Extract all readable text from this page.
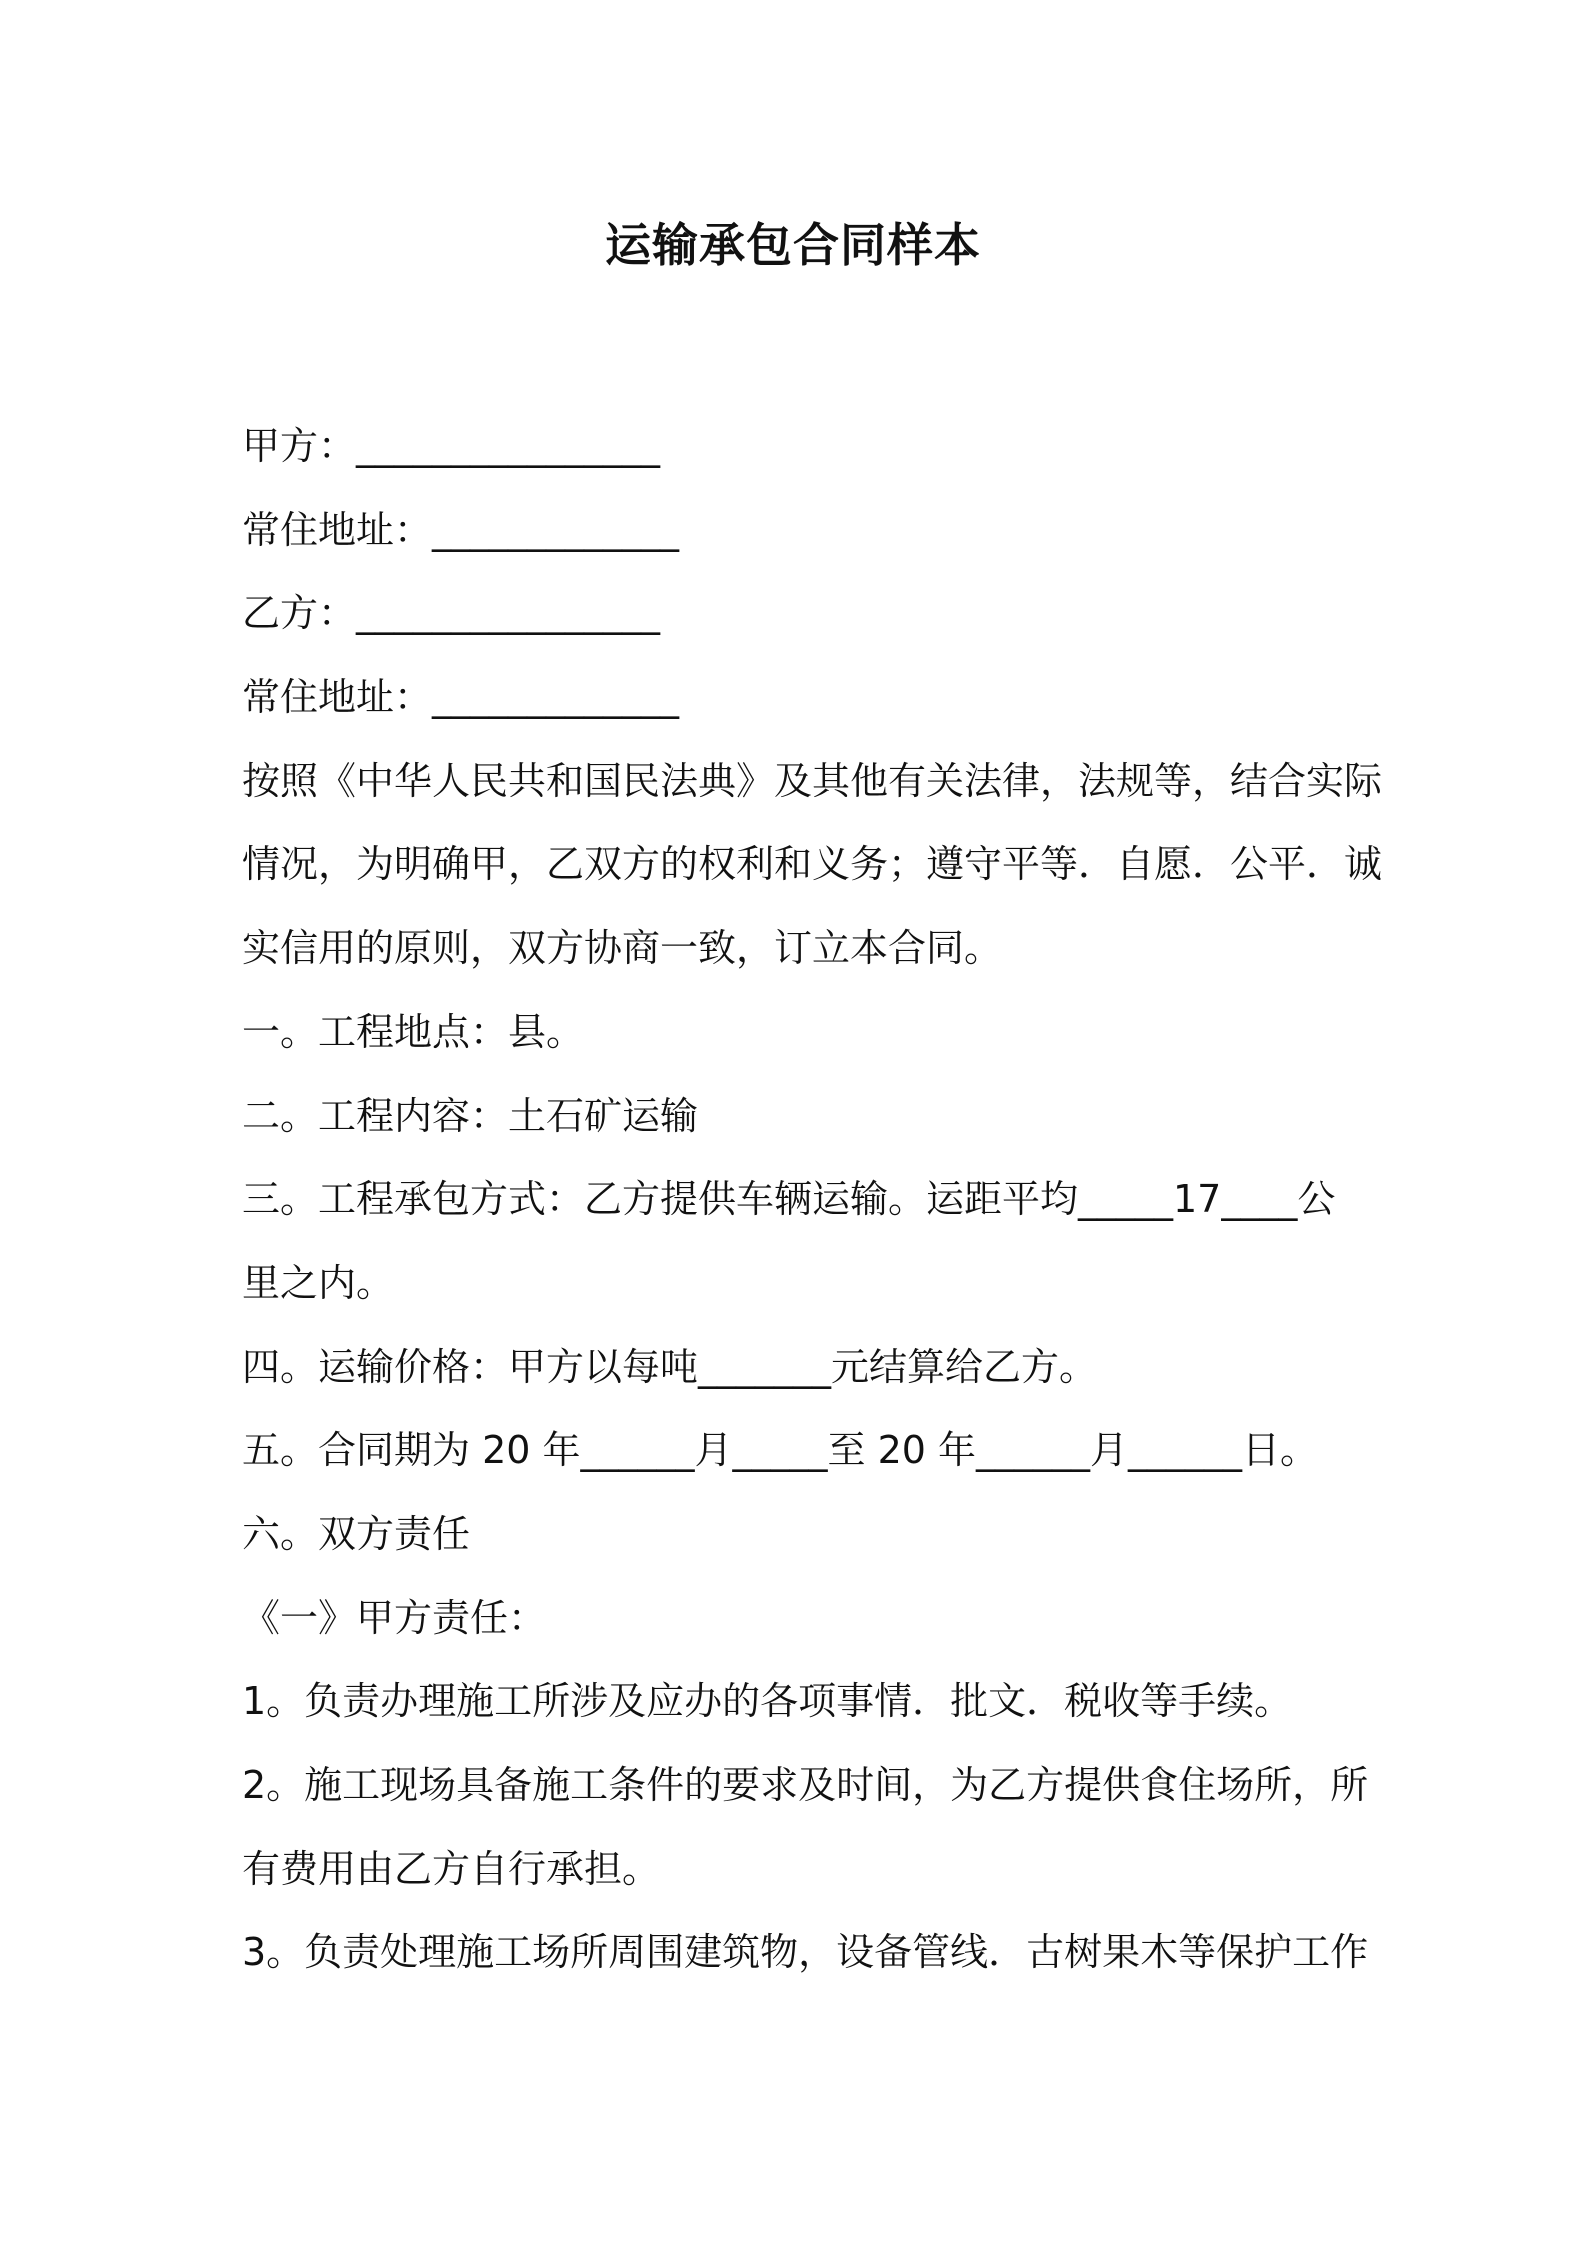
运输承包合同样本
甲方：________________
常住地址：_____________
乙方：________________
常住地址：_____________
按照《中华人民共和国民法典》及其他有关法律，法规等，结合实际
情况，为明确甲，乙双方的权利和义务；遵守平等．自愿．公平．诚
实信用的原则，双方协商一致，订立本合同。
一。工程地点：县。
二。工程内容：土石矿运输
三。工程承包方式：乙方提供车辆运输。运距平均_____17____公
里之内。
四。运输价格：甲方以每吨_______元结算给乙方。
五。合同期为 20 年______月_____至 20 年______月______日。
六。双方责任
《一》甲方责任：
1。负责办理施工所涉及应办的各项事情．批文．税收等手续。
2。施工现场具备施工条件的要求及时间，为乙方提供食住场所，所
有费用由乙方自行承担。
3。负责处理施工场所周围建筑物，设备管线．古树果木等保护工作
